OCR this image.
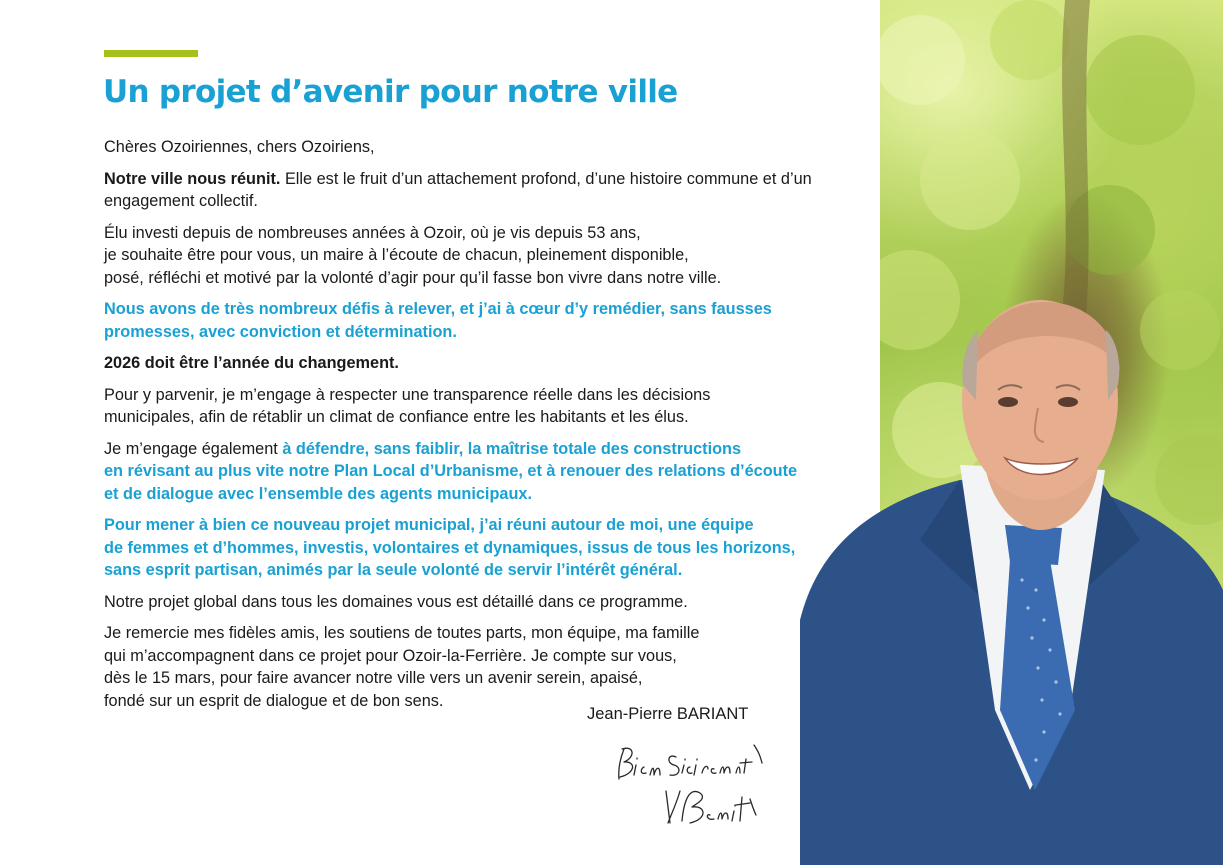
Un projet d’avenir pour notre ville

Chères Ozoiriennes, chers Ozoiriens,

Notre ville nous réunit. Elle est le fruit d’un attachement profond, d’une histoire commune et d’un engagement collectif.

Élu investi depuis de nombreuses années à Ozoir, où je vis depuis 53 ans,
je souhaite être pour vous, un maire à l’écoute de chacun, pleinement disponible,
posé, réfléchi et motivé par la volonté d’agir pour qu’il fasse bon vivre dans notre ville.

Nous avons de très nombreux défis à relever, et j’ai à cœur d’y remédier, sans fausses
promesses, avec conviction et détermination.

2026 doit être l’année du changement.

Pour y parvenir, je m’engage à respecter une transparence réelle dans les décisions
municipales, afin de rétablir un climat de confiance entre les habitants et les élus.

Je m’engage également à défendre, sans faiblir, la maîtrise totale des constructions
en révisant au plus vite notre Plan Local d’Urbanisme, et à renouer des relations d’écoute
et de dialogue avec l’ensemble des agents municipaux.

Pour mener à bien ce nouveau projet municipal, j’ai réuni autour de moi, une équipe
de femmes et d’hommes, investis, volontaires et dynamiques, issus de tous les horizons,
sans esprit partisan, animés par la seule volonté de servir l’intérêt général.

Notre projet global dans tous les domaines vous est détaillé dans ce programme.

Je remercie mes fidèles amis, les soutiens de toutes parts, mon équipe, ma famille
qui m’accompagnent dans ce projet pour Ozoir-la-Ferrière. Je compte sur vous,
dès le 15 mars, pour faire avancer notre ville vers un avenir serein, apaisé,
fondé sur un esprit de dialogue et de bon sens.

Jean-Pierre BARIANT
